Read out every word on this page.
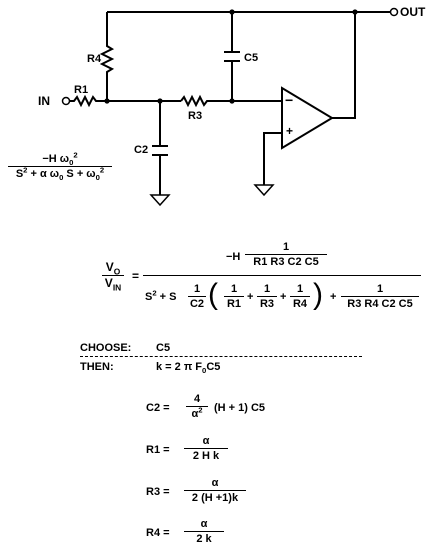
OUT
IN
R1
R4	C5
R3
C2
−
+
−H $\omega_0^2$
$S^2 + \alpha$ $\omega_0$ $S + \omega_0^2$
$V_O$
$V_{IN}$
=
−H
1
R1 R3 C2 C5
$S^2 + S$
1
C2 ( 1
R1
+
1
R3
+
1
R4 ) +
1
R3 R4 C2 C5
CHOOSE: C5
THEN:	k = 2 π $F_0C5$
C2 =
4
$\alpha^2$ (H + 1) C5
R1 =
α
2 H k
R3 =
α
2 (H +1)k
R4 =
α
2 k
